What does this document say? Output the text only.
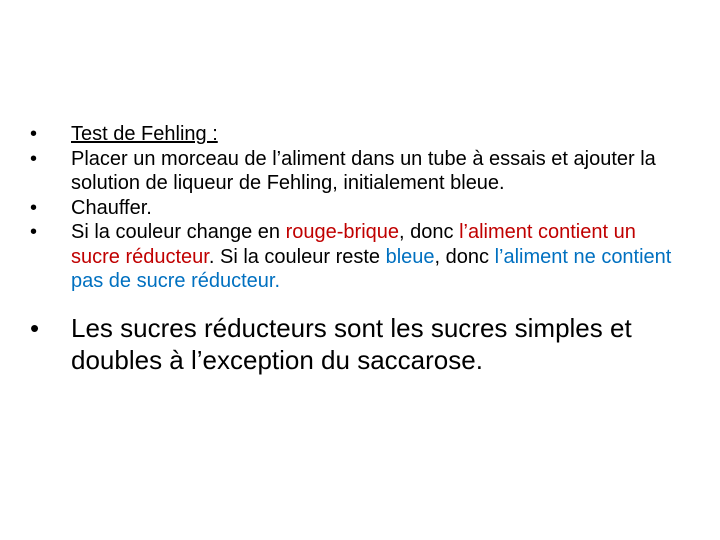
•	Test de Fehling :
•	Placer un morceau de l’aliment dans un tube à essais et ajouter la solution de liqueur de Fehling, initialement bleue.
•	Chauffer.
•	Si la couleur change en rouge-brique, donc l’aliment contient un sucre réducteur. Si la couleur reste bleue, donc l’aliment ne contient pas de sucre réducteur.
• Les sucres réducteurs sont les sucres simples et doubles à l’exception du saccarose.
